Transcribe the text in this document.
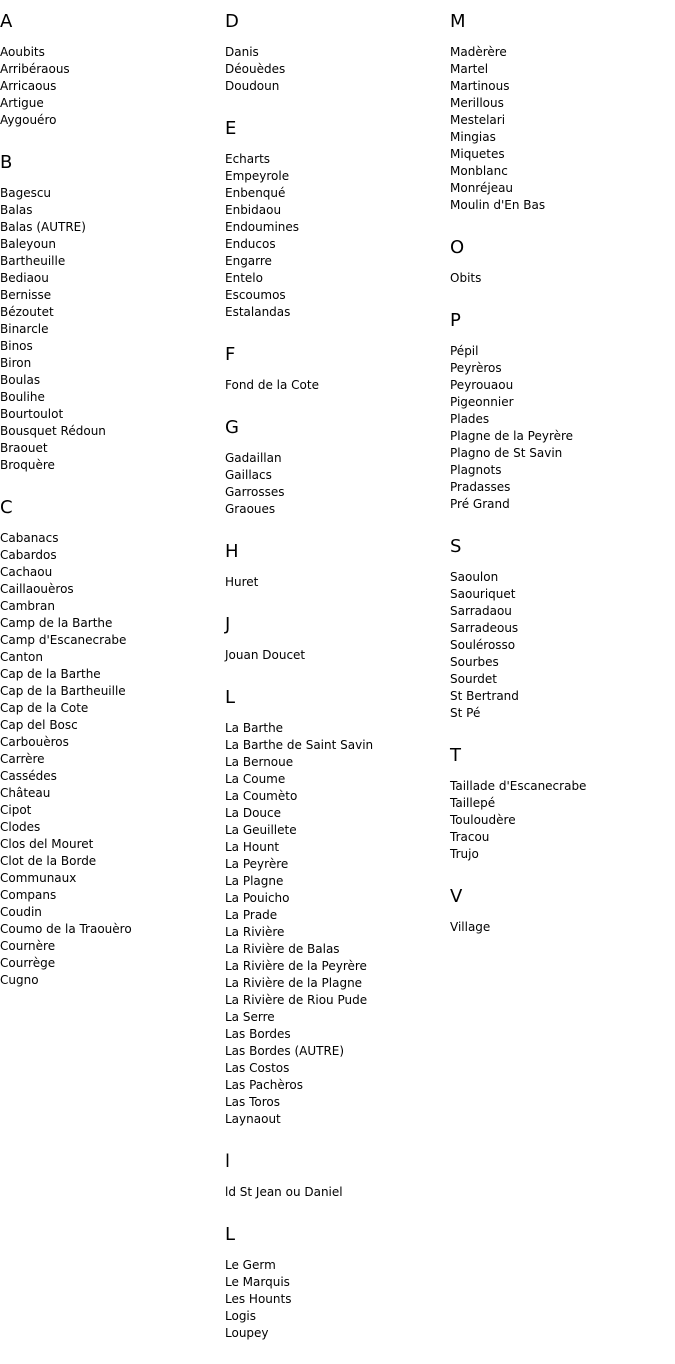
A
Aoubits
Arribéraous
Arricaous
Artigue
Aygouéro
B
Bagescu
Balas
Balas (AUTRE)
Baleyoun
Bartheuille
Bediaou
Bernisse
Bézoutet
Binarcle
Binos
Biron
Boulas
Boulihe
Bourtoulot
Bousquet Rédoun
Braouet
Broquère
C
Cabanacs
Cabardos
Cachaou
Caillaouèros
Cambran
Camp de la Barthe
Camp d'Escanecrabe
Canton
Cap de la Barthe
Cap de la Bartheuille
Cap de la Cote
Cap del Bosc
Carbouèros
Carrère
Cassédes
Château
Cipot
Clodes
Clos del Mouret
Clot de la Borde
Communaux
Compans
Coudin
Coumo de la Traouèro
Cournère
Courrège
Cugno
D
Danis
Déouèdes
Doudoun
E
Echarts
Empeyrole
Enbenqué
Enbidaou
Endoumines
Enducos
Engarre
Entelo
Escoumos
Estalandas
F
Fond de la Cote
G
Gadaillan
Gaillacs
Garrosses
Graoues
H
Huret
J
Jouan Doucet
L
La Barthe
La Barthe de Saint Savin
La Bernoue
La Coume
La Coumèto
La Douce
La Geuillete
La Hount
La Peyrère
La Plagne
La Pouicho
La Prade
La Rivière
La Rivière de Balas
La Rivière de la Peyrère
La Rivière de la Plagne
La Rivière de Riou Pude
La Serre
Las Bordes
Las Bordes (AUTRE)
Las Costos
Las Pachèros
Las Toros
Laynaout
l
ld St Jean ou Daniel
L
Le Germ
Le Marquis
Les Hounts
Logis
Loupey
M
Madèrère
Martel
Martinous
Merillous
Mestelari
Mingias
Miquetes
Monblanc
Monréjeau
Moulin d'En Bas
O
Obits
P
Pépil
Peyrèros
Peyrouaou
Pigeonnier
Plades
Plagne de la Peyrère
Plagno de St Savin
Plagnots
Pradasses
Pré Grand
S
Saoulon
Saouriquet
Sarradaou
Sarradeous
Soulérosso
Sourbes
Sourdet
St Bertrand
St Pé
T
Taillade d'Escanecrabe
Taillepé
Touloudère
Tracou
Trujo
V
Village
